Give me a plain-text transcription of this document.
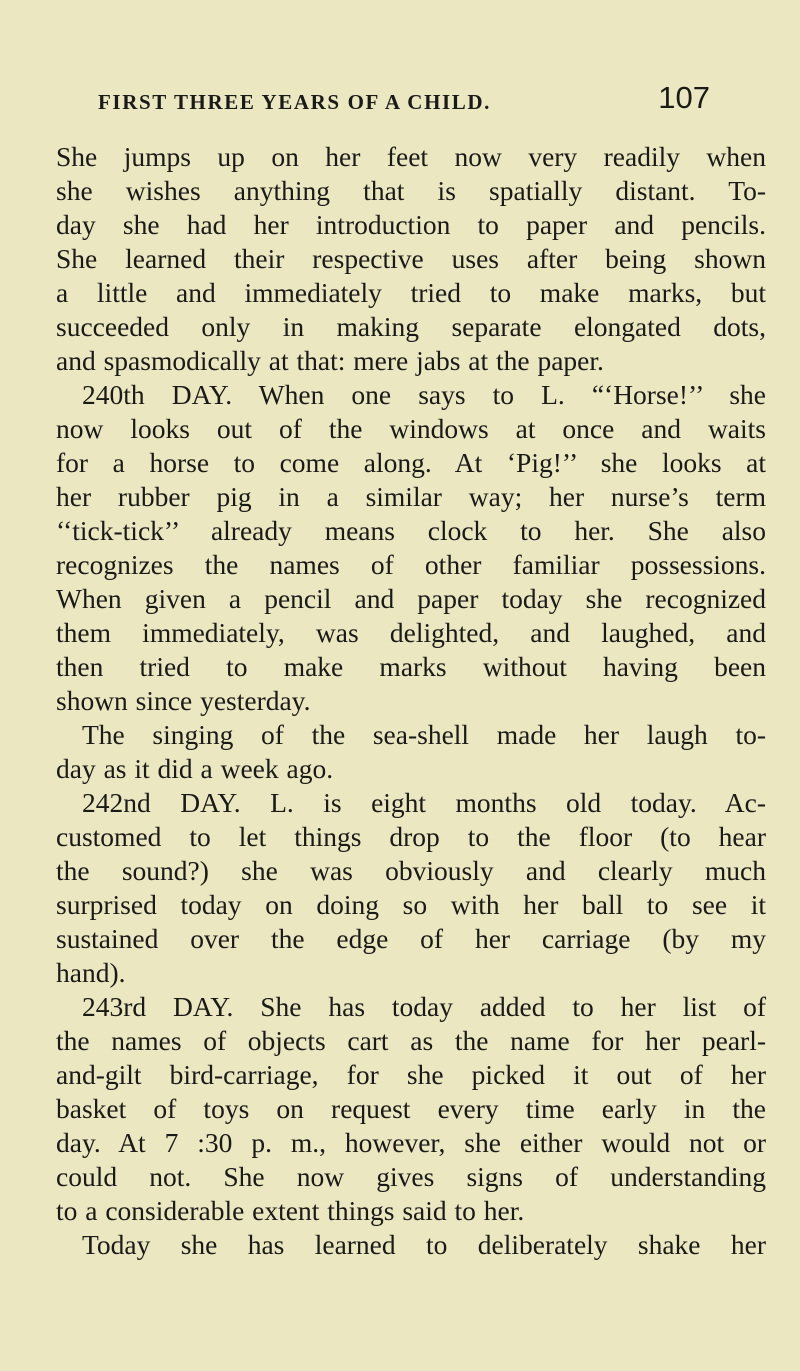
FIRST THREE YEARS OF A CHILD.	107
She jumps up on her feet now very readily when
she wishes anything that is spatially distant. To-
day she had her introduction to paper and pencils.
She learned their respective uses after being shown
a little and immediately tried to make marks, but
succeeded only in making separate elongated dots,
and spasmodically at that: mere jabs at the paper.
240th DAY. When one says to L. “‘Horse!’’ she
now looks out of the windows at once and waits
for a horse to come along. At ‘Pig!’’ she looks at
her rubber pig in a similar way; her nurse’s term
‘‘tick-tick’’ already means clock to her. She also
recognizes the names of other familiar possessions.
When given a pencil and paper today she recognized
them immediately, was delighted, and laughed, and
then tried to make marks without having been
shown since yesterday.
The singing of the sea-shell made her laugh to-
day as it did a week ago.
242nd DAY. L. is eight months old today. Ac-
customed to let things drop to the floor (to hear
the sound?) she was obviously and clearly much
surprised today on doing so with her ball to see it
sustained over the edge of her carriage (by my
hand).
243rd DAY. She has today added to her list of
the names of objects cart as the name for her pearl-
and-gilt bird-carriage, for she picked it out of her
basket of toys on request every time early in the
day. At 7 :30 p. m., however, she either would not or
could not. She now gives signs of understanding
to a considerable extent things said to her.
Today she has learned to deliberately shake her
